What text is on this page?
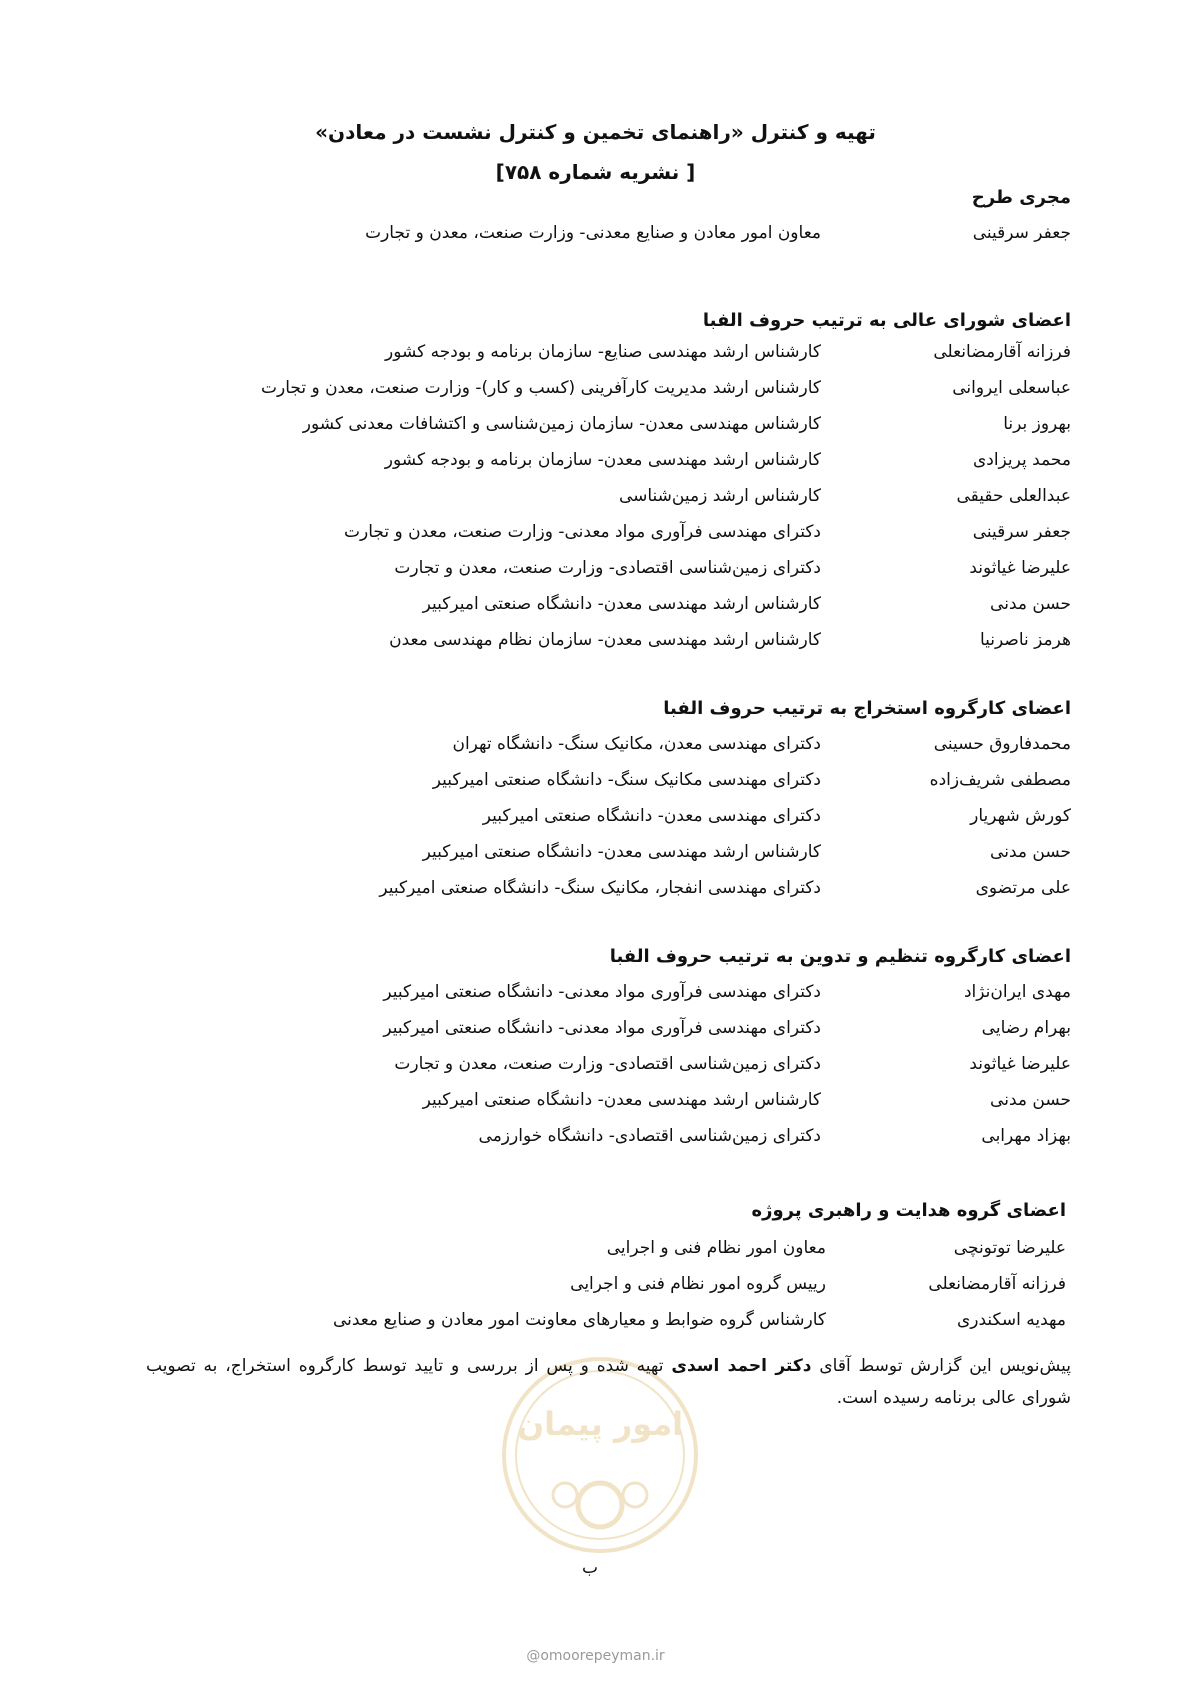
تهیه و کنترل «راهنمای تخمین و کنترل نشست در معادن»
[ نشریه شماره ۷۵۸]
مجری طرح
جعفر سرقینی
معاون امور معادن و صنایع معدنی- وزارت صنعت، معدن و تجارت
اعضای شورای عالی به ترتیب حروف الفبا
فرزانه آقارمضانعلی
کارشناس ارشد مهندسی صنایع- سازمان برنامه و بودجه کشور
عباسعلی ایروانی
کارشناس ارشد مدیریت کارآفرینی (کسب و کار)- وزارت صنعت، معدن و تجارت
بهروز برنا
کارشناس مهندسی معدن- سازمان زمین‌شناسی و اکتشافات معدنی کشور
محمد پریزادی
کارشناس ارشد مهندسی معدن- سازمان برنامه و بودجه کشور
عبدالعلی حقیقی
کارشناس ارشد زمین‌شناسی
جعفر سرقینی
دکترای مهندسی فرآوری مواد معدنی- وزارت صنعت، معدن و تجارت
علیرضا غیاثوند
دکترای زمین‌شناسی اقتصادی- وزارت صنعت، معدن و تجارت
حسن مدنی
کارشناس ارشد مهندسی معدن- دانشگاه صنعتی امیرکبیر
هرمز ناصرنیا
کارشناس ارشد مهندسی معدن- سازمان نظام مهندسی معدن
اعضای کارگروه استخراج به ترتیب حروف الفبا
محمدفاروق حسینی
دکترای مهندسی معدن، مکانیک سنگ- دانشگاه تهران
مصطفی شریف‌زاده
دکترای مهندسی مکانیک سنگ- دانشگاه صنعتی امیرکبیر
کورش شهریار
دکترای مهندسی معدن- دانشگاه صنعتی امیرکبیر
حسن مدنی
کارشناس ارشد مهندسی معدن- دانشگاه صنعتی امیرکبیر
علی مرتضوی
دکترای مهندسی انفجار، مکانیک سنگ- دانشگاه صنعتی امیرکبیر
اعضای کارگروه تنظیم و تدوین به ترتیب حروف الفبا
مهدی ایران‌نژاد
دکترای مهندسی فرآوری مواد معدنی- دانشگاه صنعتی امیرکبیر
بهرام رضایی
دکترای مهندسی فرآوری مواد معدنی- دانشگاه صنعتی امیرکبیر
علیرضا غیاثوند
دکترای زمین‌شناسی اقتصادی- وزارت صنعت، معدن و تجارت
حسن مدنی
کارشناس ارشد مهندسی معدن- دانشگاه صنعتی امیرکبیر
بهزاد مهرابی
دکترای زمین‌شناسی اقتصادی- دانشگاه خوارزمی
اعضای گروه هدایت و راهبری پروژه
علیرضا توتونچی
معاون امور نظام فنی و اجرایی
فرزانه آقارمضانعلی
رییس گروه امور نظام فنی و اجرایی
مهدیه اسکندری
کارشناس گروه ضوابط و معیارهای معاونت امور معادن و صنایع معدنی
امور پیمان
پیش‌نویس این گزارش توسط آقای دکتر احمد اسدی تهیه شده و پس از بررسی و تایید توسط کارگروه استخراج، به تصویب شورای عالی برنامه رسیده است.
ب
@omoorepeyman.ir
